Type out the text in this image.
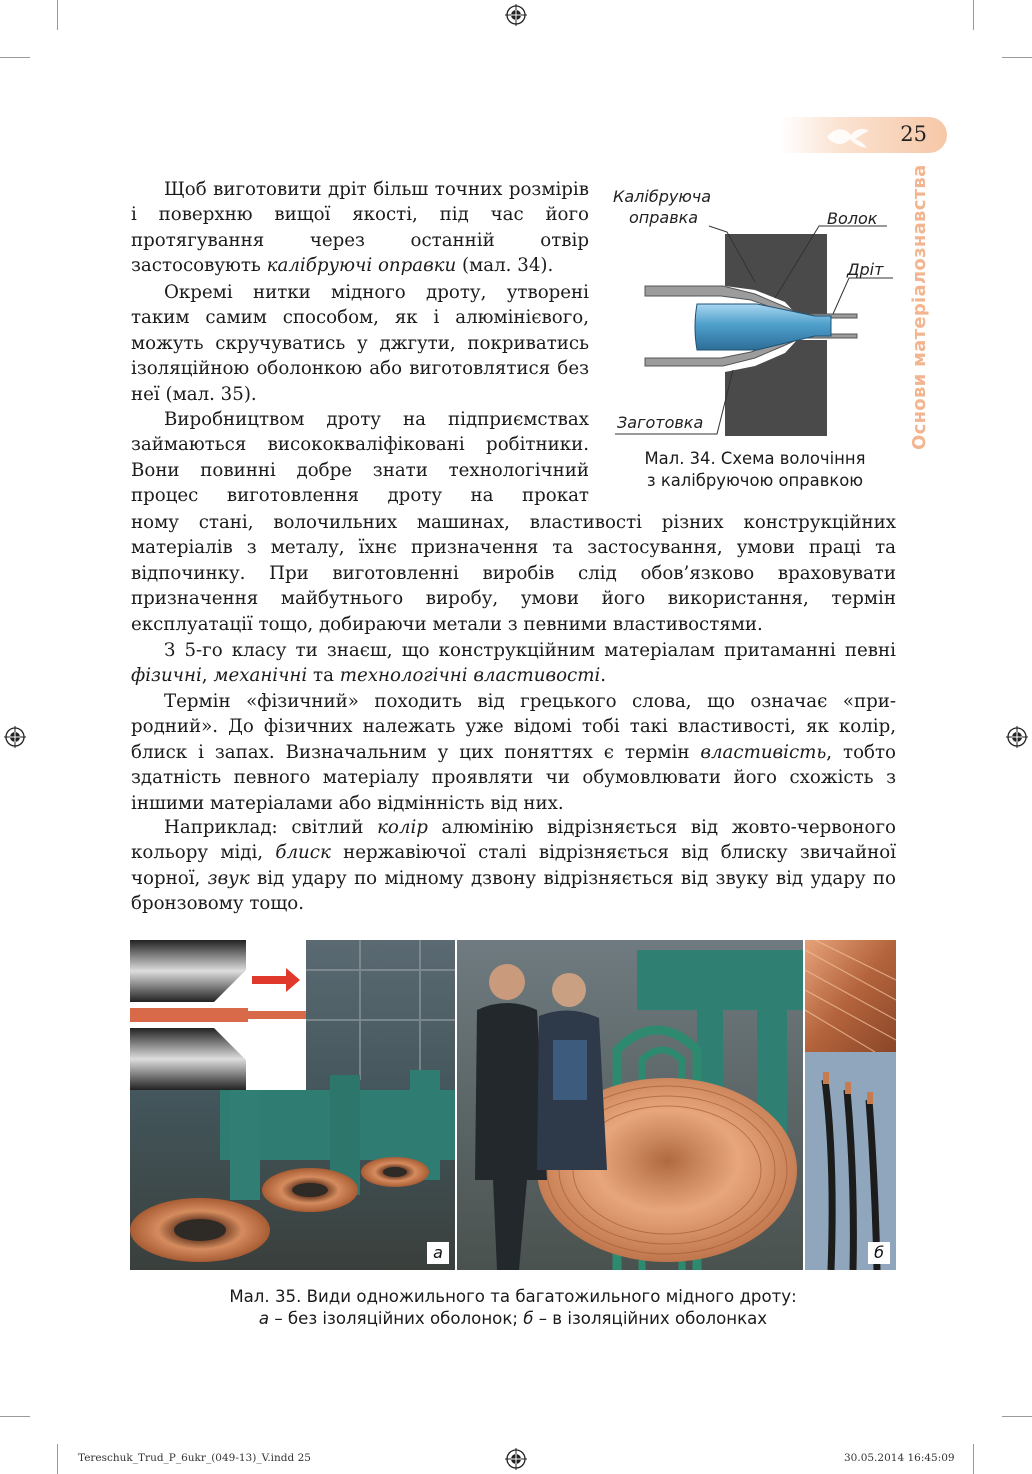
25
Основи матеріалознавства

Щоб виготовити дріт більш точних розмірів і поверхню вищої якості, під час його протягування через останній отвір застосовують калібруючі оправки (мал. 34).

Окремі нитки мідного дроту, утворені таким самим способом, як і алюмінієвого, можуть скручуватись у джгути, покриватись ізоляційною оболонкою або виготовлятися без неї (мал. 35).

Виробництвом дроту на підприємствах займаються висококваліфіковані робітники. Вони повинні добре знати технологічний процес виготовлення дроту на прокат

ному стані, волочильних машинах, властивості різних конструкційних матеріалів з металу, їхнє призначення та застосування, умови праці та відпочинку. При виготовленні виробів слід обов’язково враховувати призначення майбутнього виробу, умови його використання, термін експлуатації тощо, добираючи метали з певними властивостями.

З 5-го класу ти знаєш, що конструкційним матеріалам притаманні певні фізичні, механічні та технологічні властивості.

Термін «фізичний» походить від грецького слова, що означає «природний». До фізичних належать уже відомі тобі такі властивості, як колір, блиск і запах. Визначальним у цих поняттях є термін властивість, тобто здатність певного матеріалу проявляти чи обумовлювати його схожість з іншими матеріалами або відмінність від них.

Наприклад: світлий колір алюмінію відрізняється від жовто-червоного кольору міді, блиск нержавіючої сталі відрізняється від блиску звичайної чорної, звук від удару по мідному дзвону відрізняється від звуку від удару по бронзовому тощо.

Калібруюча
оправка	Волок
Дріт
Заготовка
Мал. 34. Схема волочіння
з калібруючою оправкою
а	б
Мал. 35. Види одножильного та багатожильного мідного дроту:
а – без ізоляційних оболонок; б – в ізоляційних оболонках
Tereschuk_Trud_P_6ukr_(049-13)_V.indd 25	30.05.2014 16:45:09
